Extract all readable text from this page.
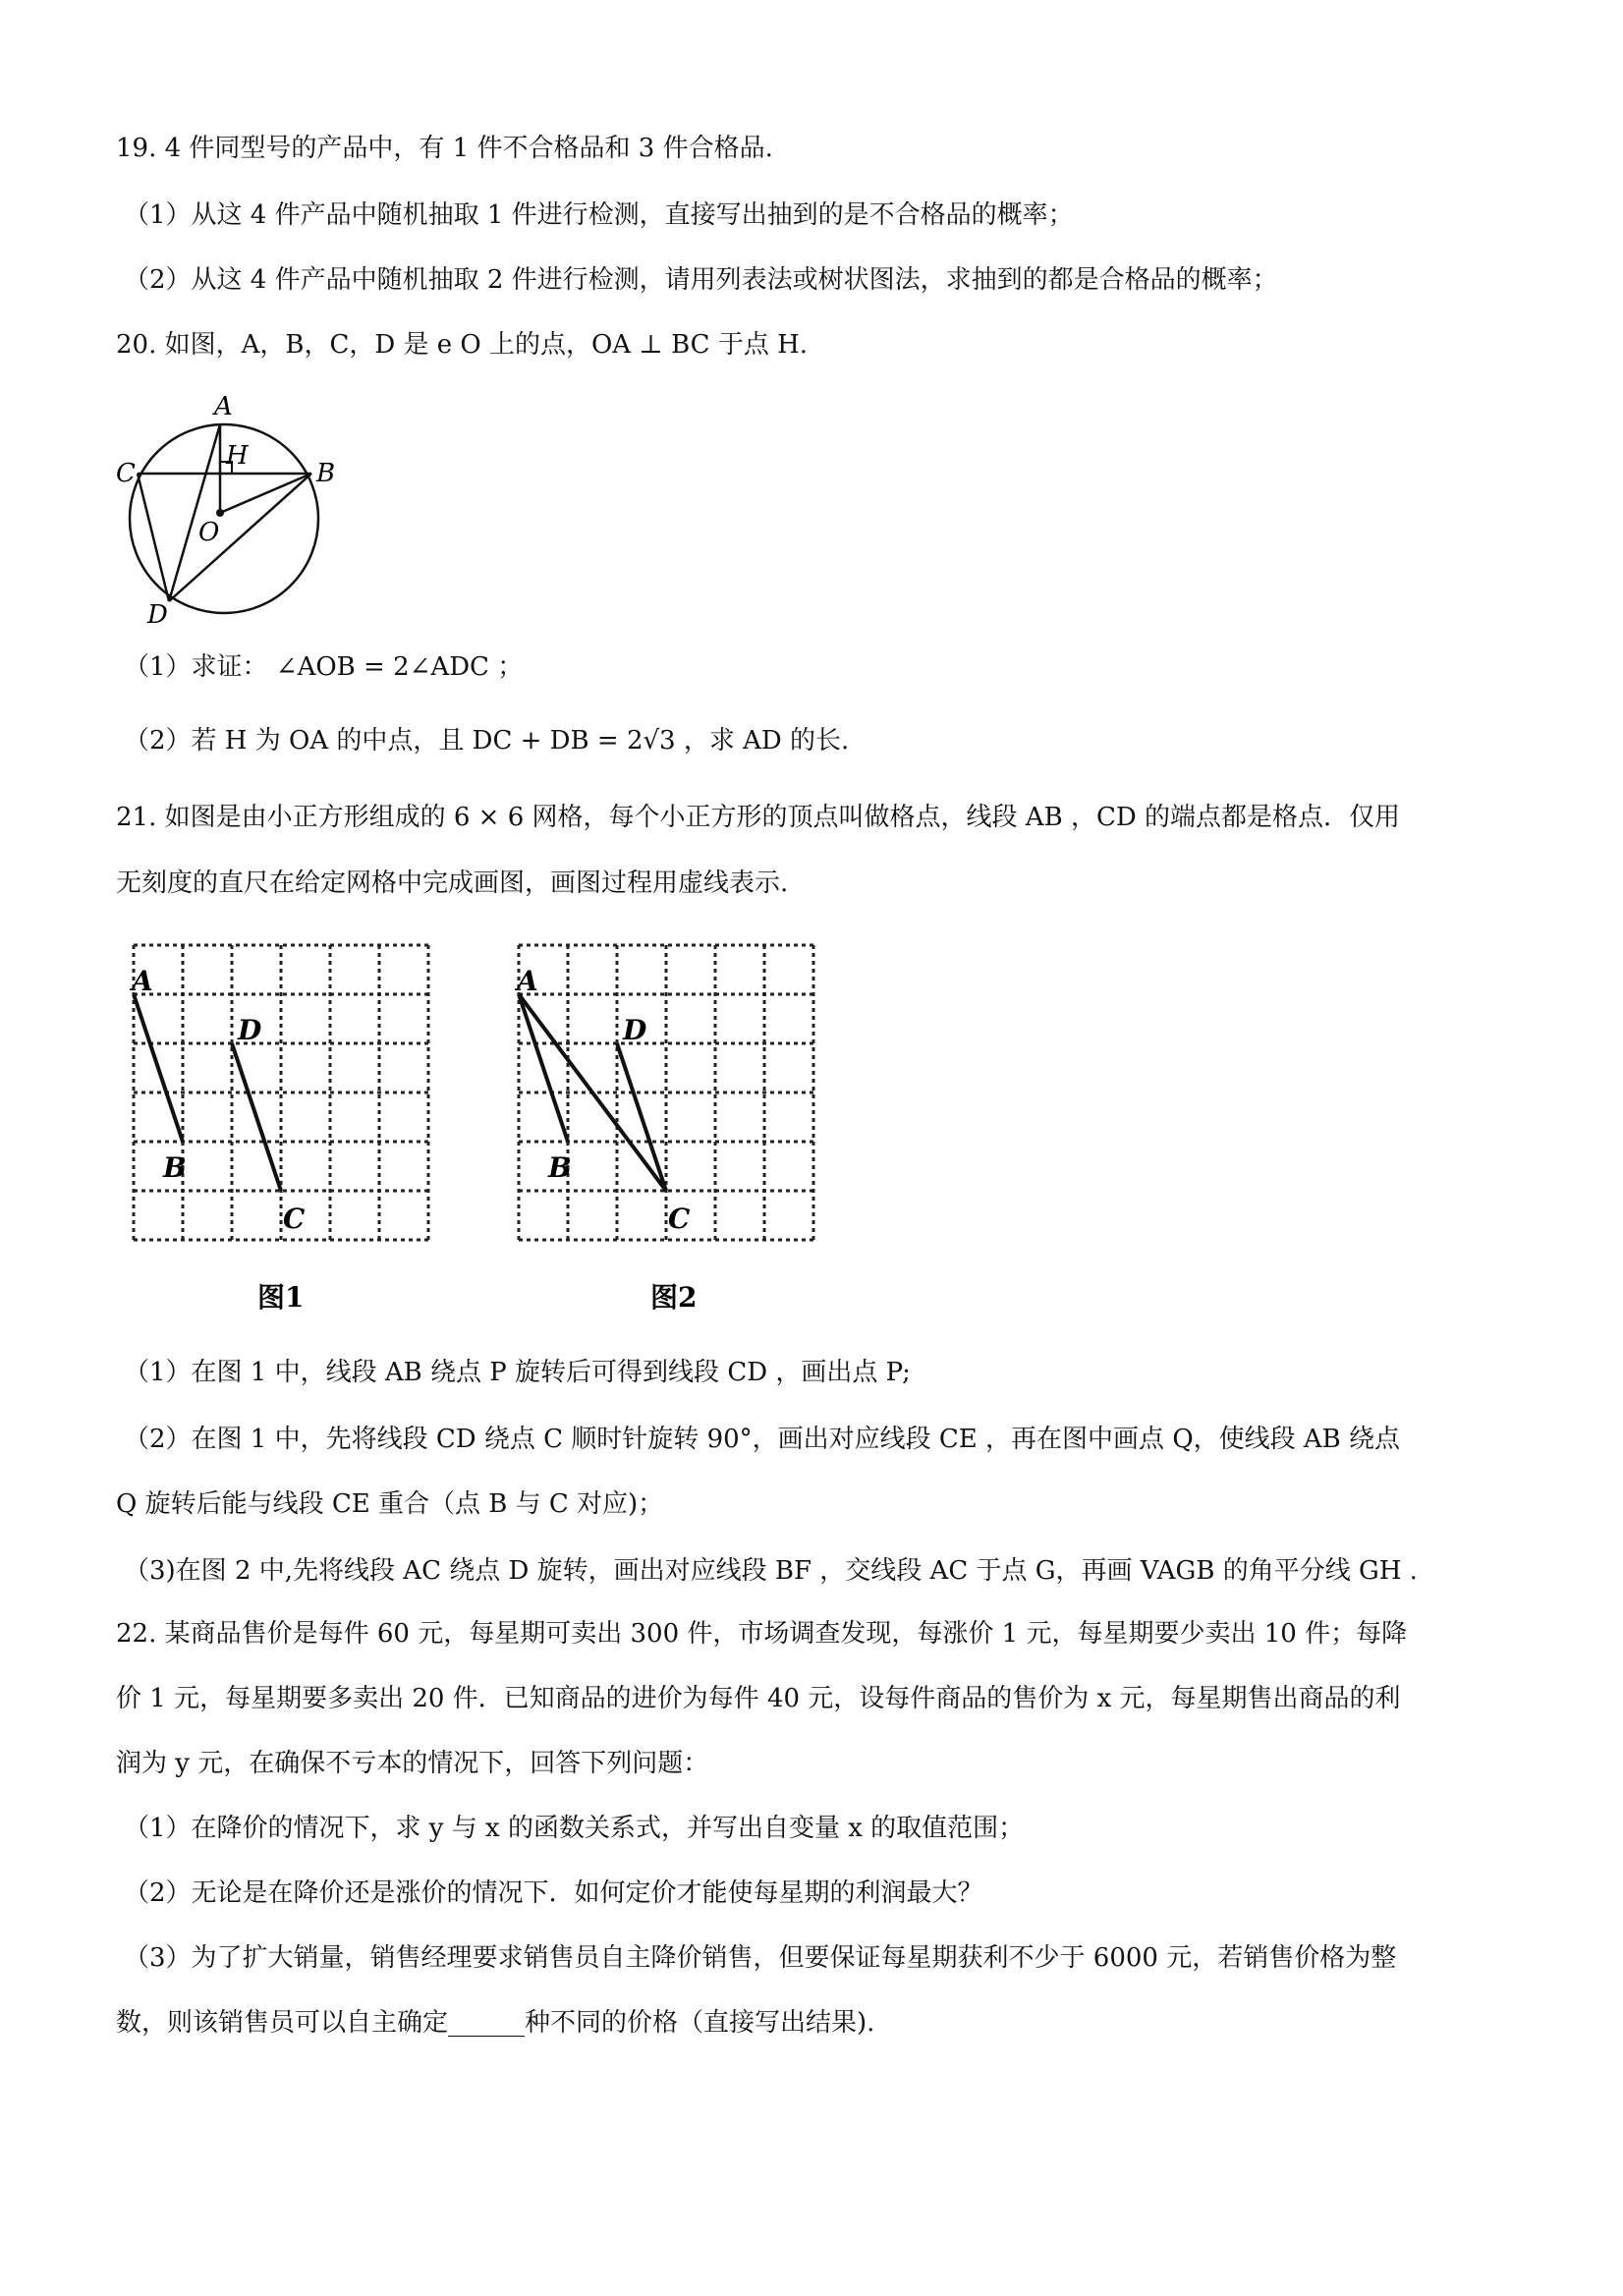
19. 4 件同型号的产品中，有 1 件不合格品和 3 件合格品.
（1）从这 4 件产品中随机抽取 1 件进行检测，直接写出抽到的是不合格品的概率；
（2）从这 4 件产品中随机抽取 2 件进行检测，请用列表法或树状图法，求抽到的都是合格品的概率；
20. 如图，A，B，C，D 是 e O 上的点，OA ⊥ BC 于点 H.
A
B
C
D
H
O
（1）求证： ∠AOB = 2∠ADC ；
（2）若 H 为 OA 的中点，且 DC + DB = 2√3 ，求 AD 的长.
21. 如图是由小正方形组成的 6 × 6 网格，每个小正方形的顶点叫做格点，线段 AB ，CD 的端点都是格点．仅用
无刻度的直尺在给定网格中完成画图，画图过程用虚线表示.
A
B
C
D
图1
A
B
C
D
图2
（1）在图 1 中，线段 AB 绕点 P 旋转后可得到线段 CD ，画出点 P;
（2）在图 1 中，先将线段 CD 绕点 C 顺时针旋转 90°，画出对应线段 CE ，再在图中画点 Q，使线段 AB 绕点
Q 旋转后能与线段 CE 重合（点 B 与 C 对应)；
（3)在图 2 中,先将线段 AC 绕点 D 旋转，画出对应线段 BF ，交线段 AC 于点 G，再画 VAGB 的角平分线 GH .
22. 某商品售价是每件 60 元，每星期可卖出 300 件，市场调查发现，每涨价 1 元，每星期要少卖出 10 件；每降
价 1 元，每星期要多卖出 20 件．已知商品的进价为每件 40 元，设每件商品的售价为 x 元，每星期售出商品的利
润为 y 元，在确保不亏本的情况下，回答下列问题：
（1）在降价的情况下，求 y 与 x 的函数关系式，并写出自变量 x 的取值范围；
（2）无论是在降价还是涨价的情况下．如何定价才能使每星期的利润最大？
（3）为了扩大销量，销售经理要求销售员自主降价销售，但要保证每星期获利不少于 6000 元，若销售价格为整
数，则该销售员可以自主确定______种不同的价格（直接写出结果).
